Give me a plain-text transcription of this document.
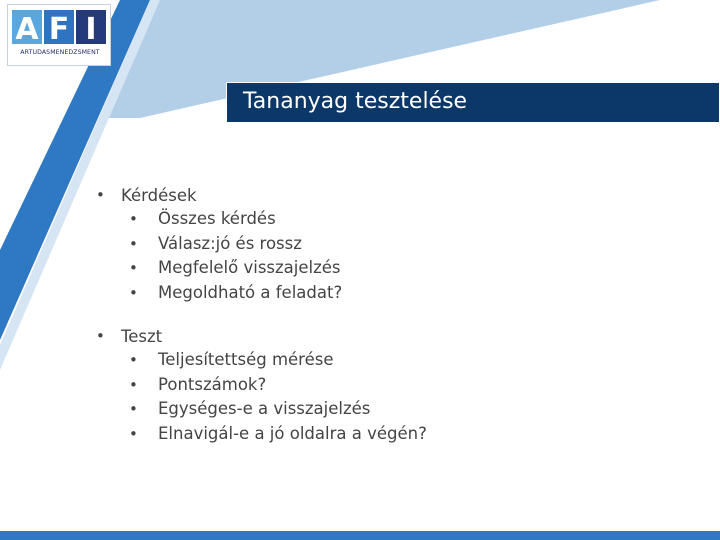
A F I
ARTUDASMENEDZSMENT
Tananyag tesztelése
• Kérdések
• Összes kérdés
• Válasz:jó és rossz
• Megfelelő visszajelzés
• Megoldható a feladat?
• Teszt
• Teljesítettség mérése
• Pontszámok?
• Egységes-e a visszajelzés
• Elnavigál-e a jó oldalra a végén?
